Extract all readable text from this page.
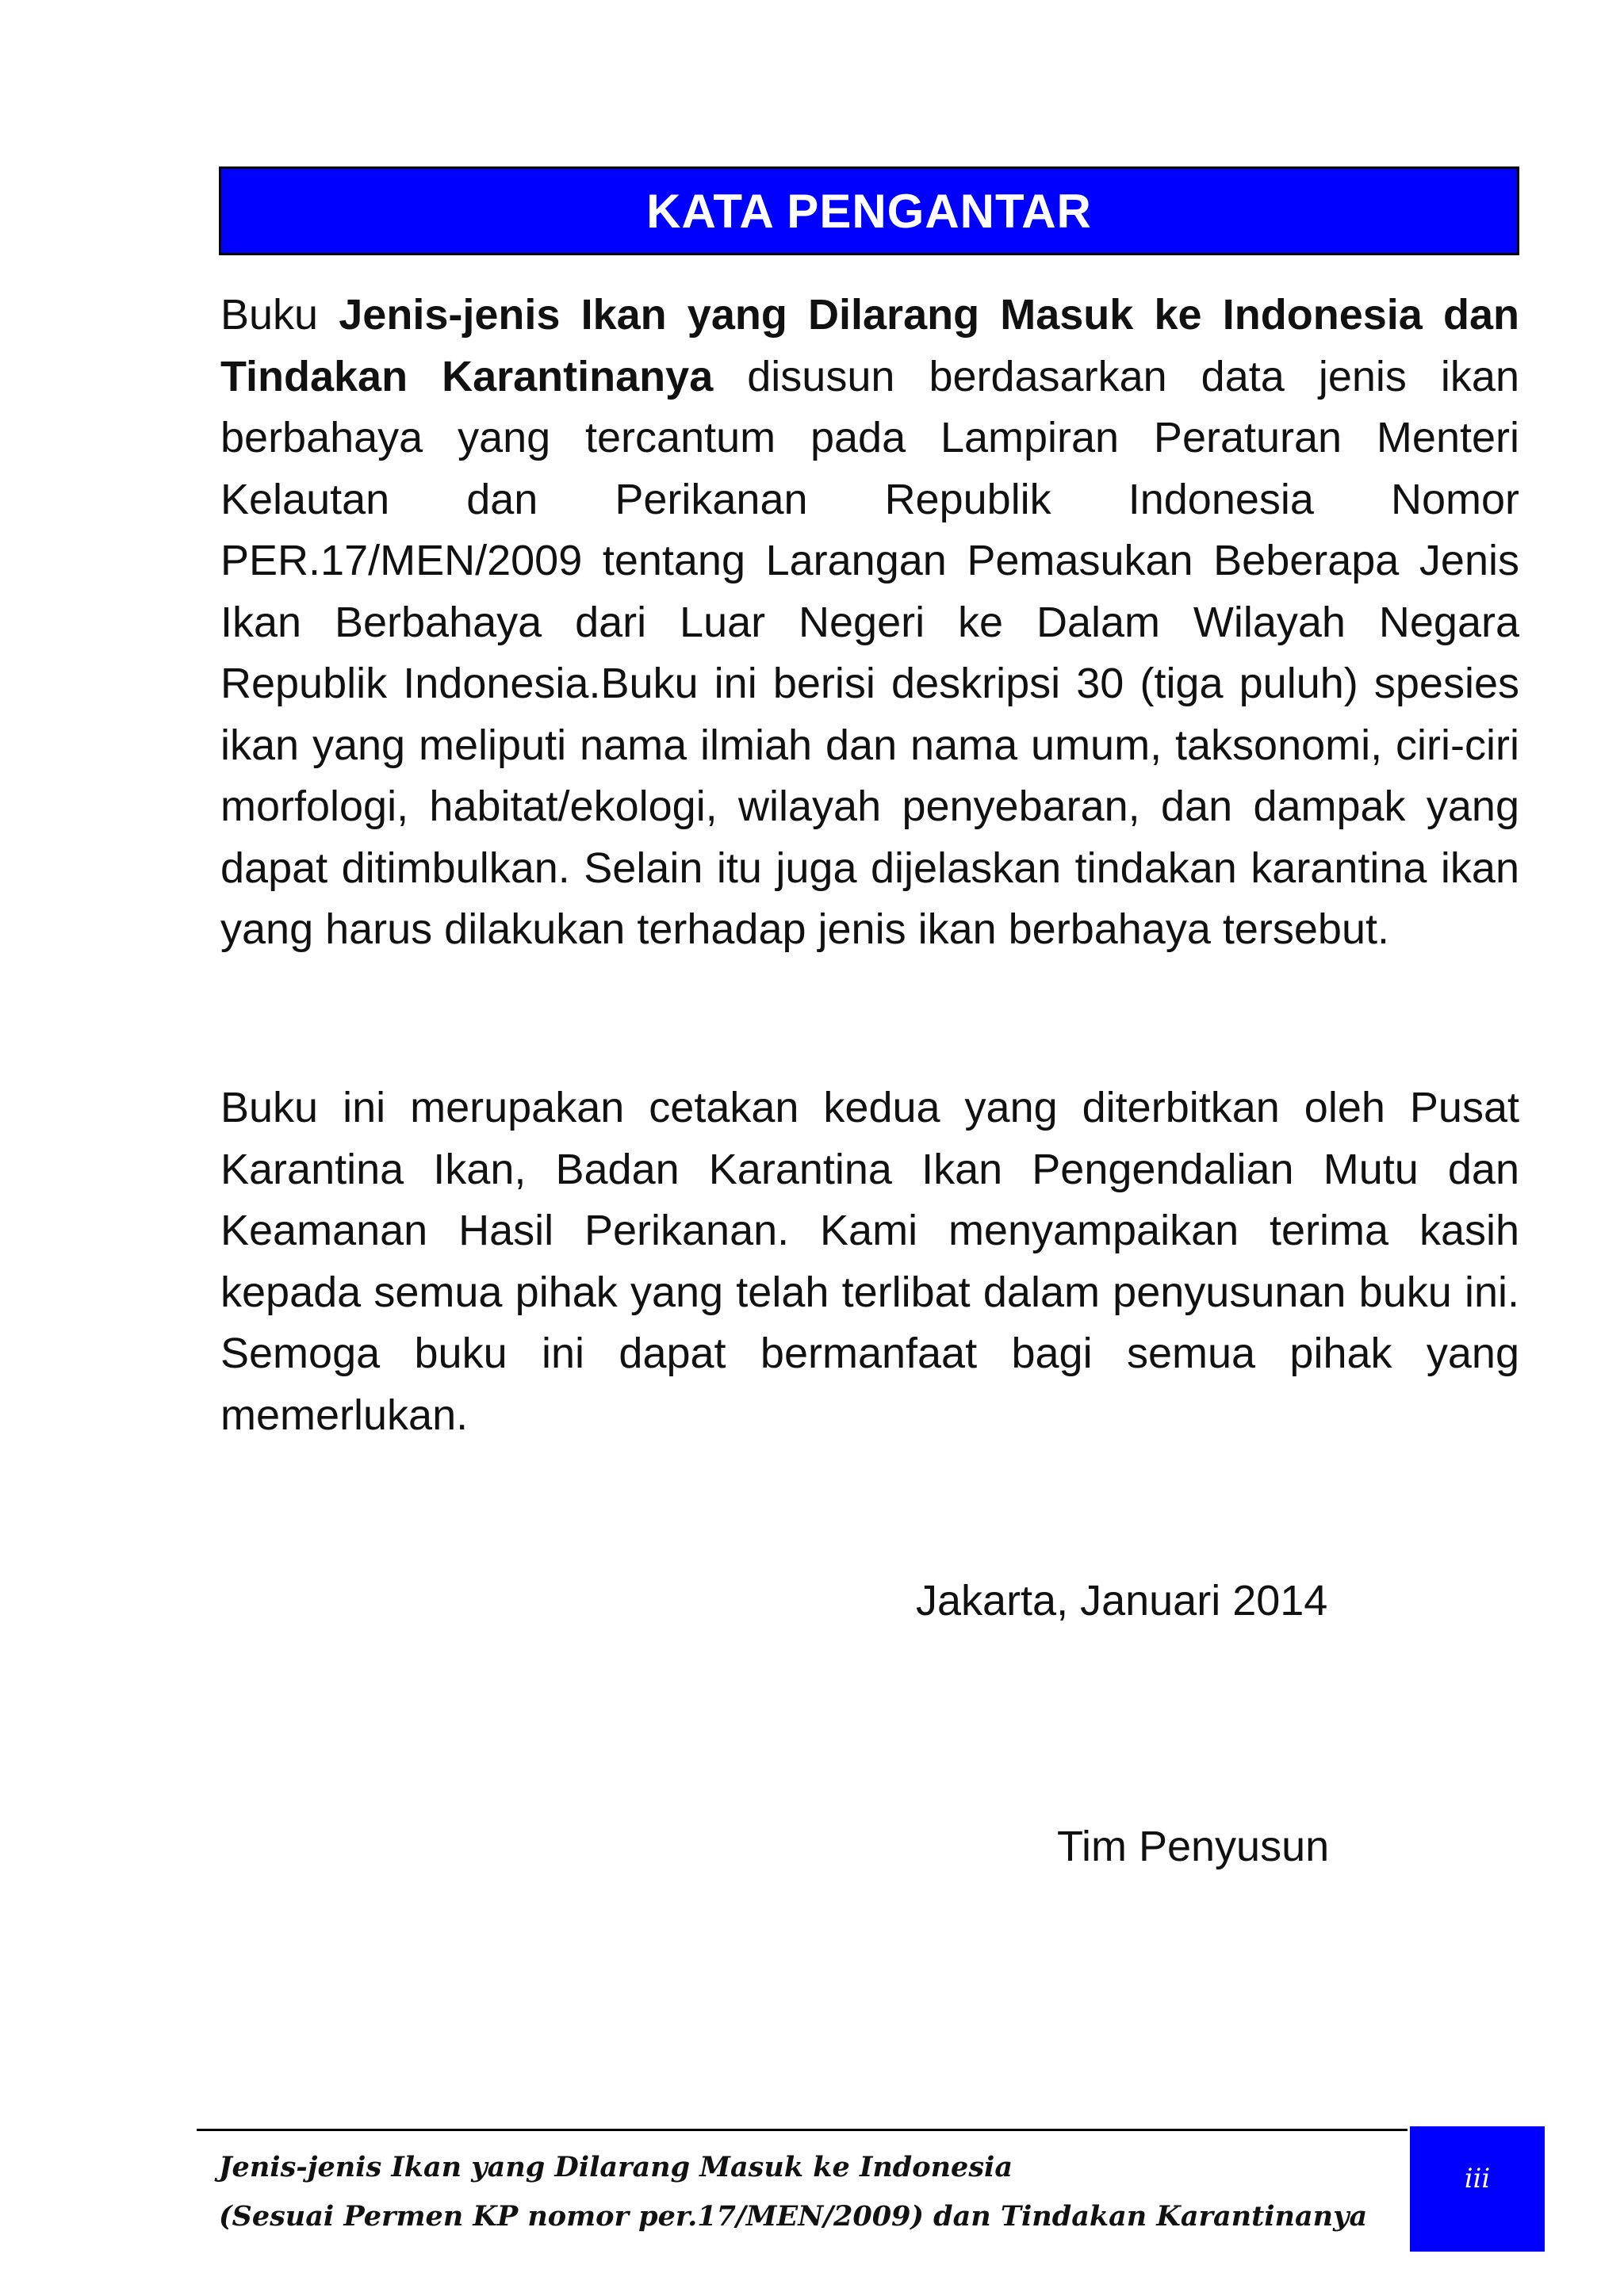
KATA PENGANTAR

Buku Jenis-jenis Ikan yang Dilarang Masuk ke Indonesia dan Tindakan Karantinanya disusun berdasarkan data jenis ikan berbahaya yang tercantum pada Lampiran Peraturan Menteri Kelautan dan Perikanan Republik Indonesia Nomor PER.17/MEN/2009 tentang Larangan Pemasukan Beberapa Jenis Ikan Berbahaya dari Luar Negeri ke Dalam Wilayah Negara Republik Indonesia.Buku ini berisi deskripsi 30 (tiga puluh) spesies ikan yang meliputi nama ilmiah dan nama umum, taksonomi, ciri-ciri morfologi, habitat/ekologi, wilayah penyebaran, dan dampak yang dapat ditimbulkan. Selain itu juga dijelaskan tindakan karantina ikan yang harus dilakukan terhadap jenis ikan berbahaya tersebut.

Buku ini merupakan cetakan kedua yang diterbitkan oleh Pusat Karantina Ikan, Badan Karantina Ikan Pengendalian Mutu dan Keamanan Hasil Perikanan. Kami menyampaikan terima kasih kepada semua pihak yang telah terlibat dalam penyusunan buku ini. Semoga buku ini dapat bermanfaat bagi semua pihak yang memerlukan.

Jakarta, Januari 2014
Tim Penyusun
Jenis-jenis Ikan yang Dilarang Masuk ke Indonesia
(Sesuai Permen KP nomor per.17/MEN/2009) dan Tindakan Karantinanya
iii
